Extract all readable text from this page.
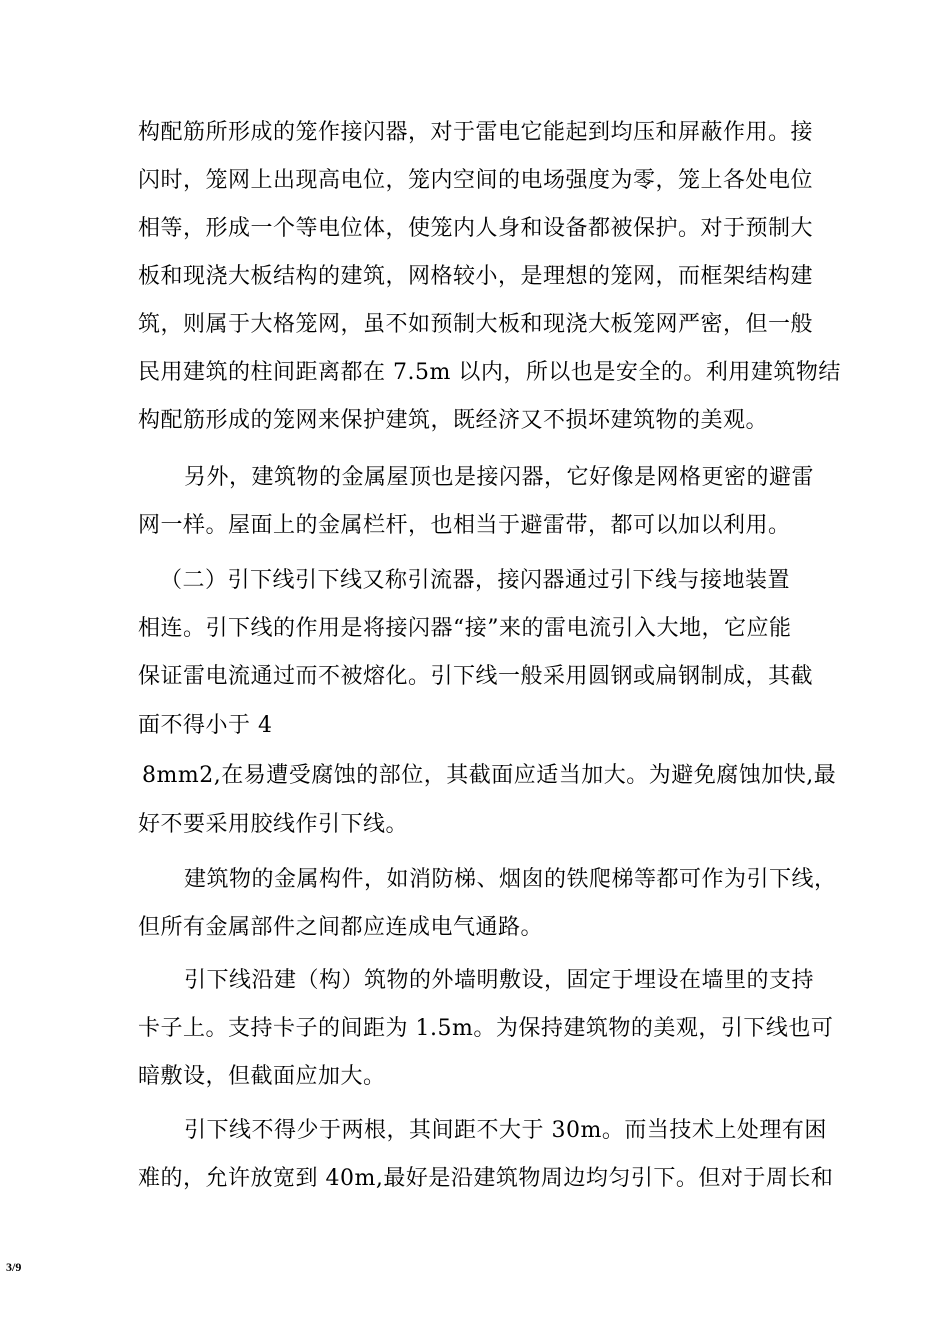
构配筋所形成的笼作接闪器，对于雷电它能起到均压和屏蔽作用。接
闪时，笼网上出现高电位，笼内空间的电场强度为零，笼上各处电位
相等，形成一个等电位体，使笼内人身和设备都被保护。对于预制大
板和现浇大板结构的建筑，网格较小，是理想的笼网，而框架结构建
筑，则属于大格笼网，虽不如预制大板和现浇大板笼网严密，但一般
民用建筑的柱间距离都在 7.5m 以内，所以也是安全的。利用建筑物结
构配筋形成的笼网来保护建筑，既经济又不损坏建筑物的美观。
另外，建筑物的金属屋顶也是接闪器，它好像是网格更密的避雷
网一样。屋面上的金属栏杆，也相当于避雷带，都可以加以利用。
（二）引下线引下线又称引流器，接闪器通过引下线与接地装置
相连。引下线的作用是将接闪器“接”来的雷电流引入大地，它应能
保证雷电流通过而不被熔化。引下线一般采用圆钢或扁钢制成，其截
面不得小于 4
8mm2,在易遭受腐蚀的部位，其截面应适当加大。为避免腐蚀加快,最
好不要采用胶线作引下线。
建筑物的金属构件，如消防梯、烟囱的铁爬梯等都可作为引下线，
但所有金属部件之间都应连成电气通路。
引下线沿建（构）筑物的外墙明敷设，固定于埋设在墙里的支持
卡子上。支持卡子的间距为 1.5m。为保持建筑物的美观，引下线也可
暗敷设，但截面应加大。
引下线不得少于两根，其间距不大于 30m。而当技术上处理有困
难的，允许放宽到 40m,最好是沿建筑物周边均匀引下。但对于周长和
3/9
